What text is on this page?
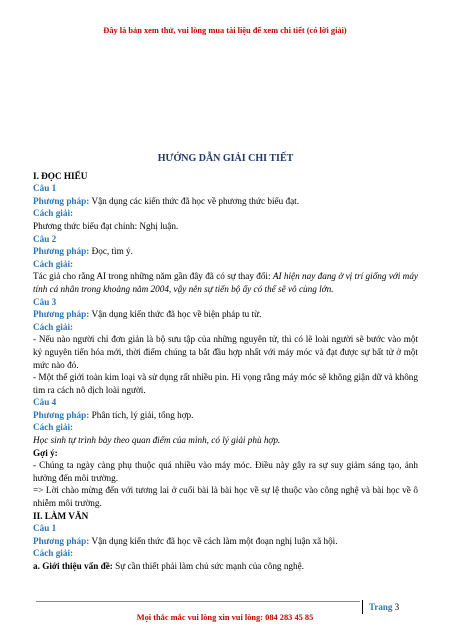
Đây là bản xem thử, vui lòng mua tài liệu để xem chi tiết (có lời giải)
HƯỚNG DẪN GIẢI CHI TIẾT
I. ĐỌC HIỂU
Câu 1
Phương pháp: Vận dụng các kiến thức đã học về phương thức biểu đạt.
Cách giải:
Phương thức biểu đạt chính: Nghị luận.
Câu 2
Phương pháp: Đọc, tìm ý.
Cách giải:
Tác giả cho rằng AI trong những năm gần đây đã có sự thay đổi: AI hiện nay đang ở vị trí giống với máy tính cá nhân trong khoảng năm 2004, vậy nên sự tiến bộ ấy có thể sẽ vô cùng lớn.
Câu 3
Phương pháp: Vận dụng kiến thức đã học về biện pháp tu từ.
Cách giải:
- Nếu nào người chỉ đơn giản là bộ sưu tập của những nguyên tử, thì có lẽ loài người sẽ bước vào một kỷ nguyên tiến hóa mới, thời điểm chúng ta bắt đầu hợp nhất với máy móc và đạt được sự bất tử ở một mức nào đó.
- Một thế giới toàn kim loại và sử dụng rất nhiều pin. Hi vọng rằng máy móc sẽ không giận dữ và không tìm ra cách nô dịch loài người.
Câu 4
Phương pháp: Phân tích, lý giải, tổng hợp.
Cách giải:
Học sinh tự trình bày theo quan điểm của mình, có lý giải phù hợp.
Gợi ý:
- Chúng ta ngày càng phụ thuộc quá nhiều vào máy móc. Điều này gây ra sự suy giảm sáng tạo, ảnh hưởng đến môi trường.
=> Lời chào mừng đến với tương lai ở cuối bài là bài học về sự lệ thuộc vào công nghệ và bài học về ô nhiễm môi trường.
II. LÀM VĂN
Câu 1
Phương pháp: Vận dụng kiến thức đã học về cách làm một đoạn nghị luận xã hội.
Cách giải:
a. Giới thiệu vấn đề: Sự cần thiết phải làm chủ sức mạnh của công nghệ.
Trang 3
Mọi thắc mắc vui lòng xin vui lòng: 084 283 45 85
